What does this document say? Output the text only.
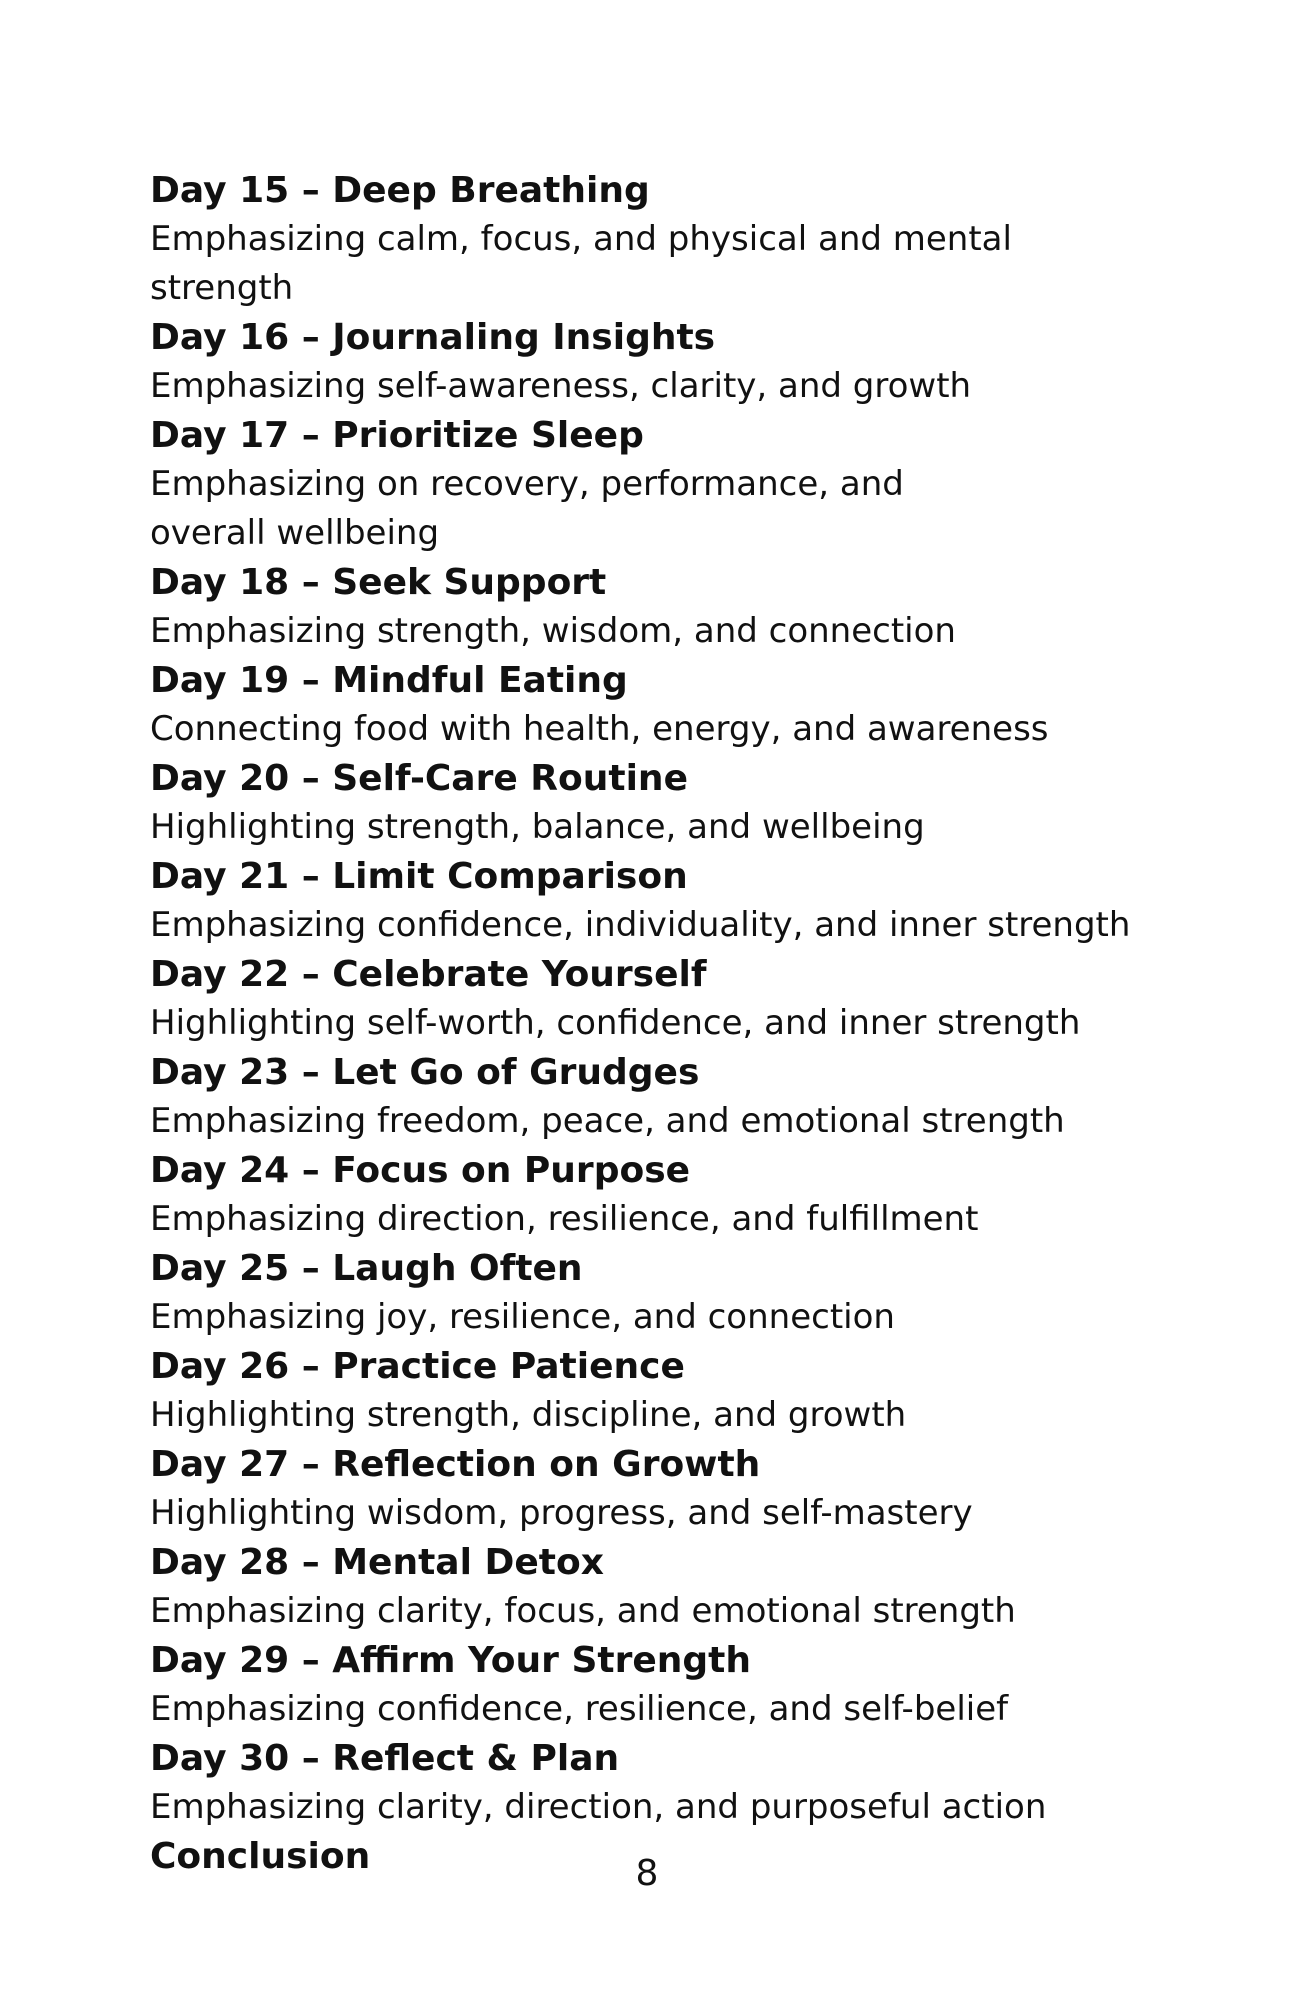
Day 15 – Deep Breathing
Emphasizing calm, focus, and physical and mental strength
Day 16 – Journaling Insights
Emphasizing self-awareness, clarity, and growth
Day 17 – Prioritize Sleep
Emphasizing on recovery, performance, and overall wellbeing
Day 18 – Seek Support
Emphasizing strength, wisdom, and connection
Day 19 – Mindful Eating
Connecting food with health, energy, and awareness
Day 20 – Self-Care Routine
Highlighting strength, balance, and wellbeing
Day 21 – Limit Comparison
Emphasizing confidence, individuality, and inner strength
Day 22 – Celebrate Yourself
Highlighting self-worth, confidence, and inner strength
Day 23 – Let Go of Grudges
Emphasizing freedom, peace, and emotional strength
Day 24 – Focus on Purpose
Emphasizing direction, resilience, and fulfillment
Day 25 – Laugh Often
Emphasizing joy, resilience, and connection
Day 26 – Practice Patience
Highlighting strength, discipline, and growth
Day 27 – Reflection on Growth
Highlighting wisdom, progress, and self-mastery
Day 28 – Mental Detox
Emphasizing clarity, focus, and emotional strength
Day 29 – Affirm Your Strength
Emphasizing confidence, resilience, and self-belief
Day 30 – Reflect & Plan
Emphasizing clarity, direction, and purposeful action
Conclusion	8
